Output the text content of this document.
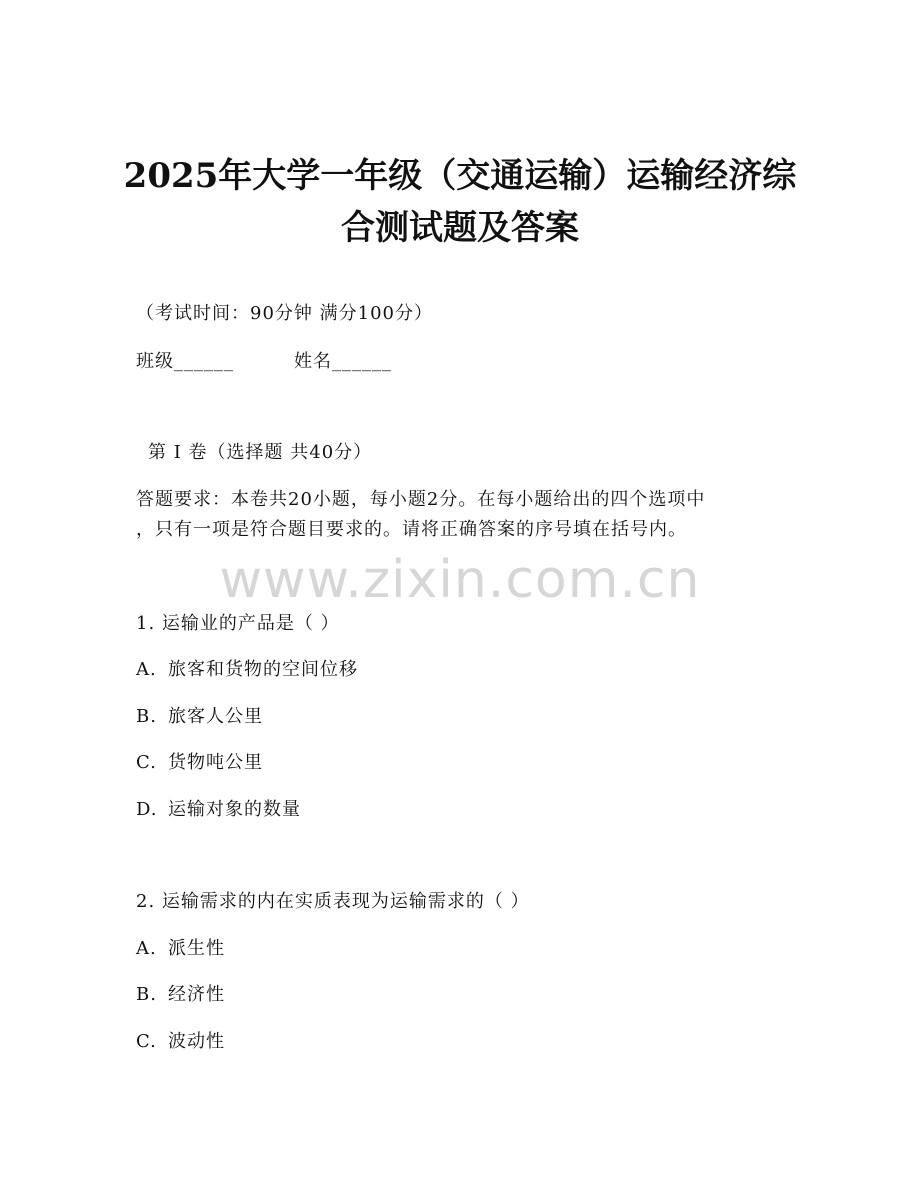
2025年大学一年级（交通运输）运输经济综
合测试题及答案
（考试时间：90分钟 满分100分）
班级______	姓名______
第 I 卷（选择题 共40分）
答题要求：本卷共20小题，每小题2分。在每小题给出的四个选项中
，只有一项是符合题目要求的。请将正确答案的序号填在括号内。
www.zixin.com.cn
1. 运输业的产品是（ ）
A. 旅客和货物的空间位移
B. 旅客人公里
C. 货物吨公里
D. 运输对象的数量
2. 运输需求的内在实质表现为运输需求的（ ）
A. 派生性
B. 经济性
C. 波动性
